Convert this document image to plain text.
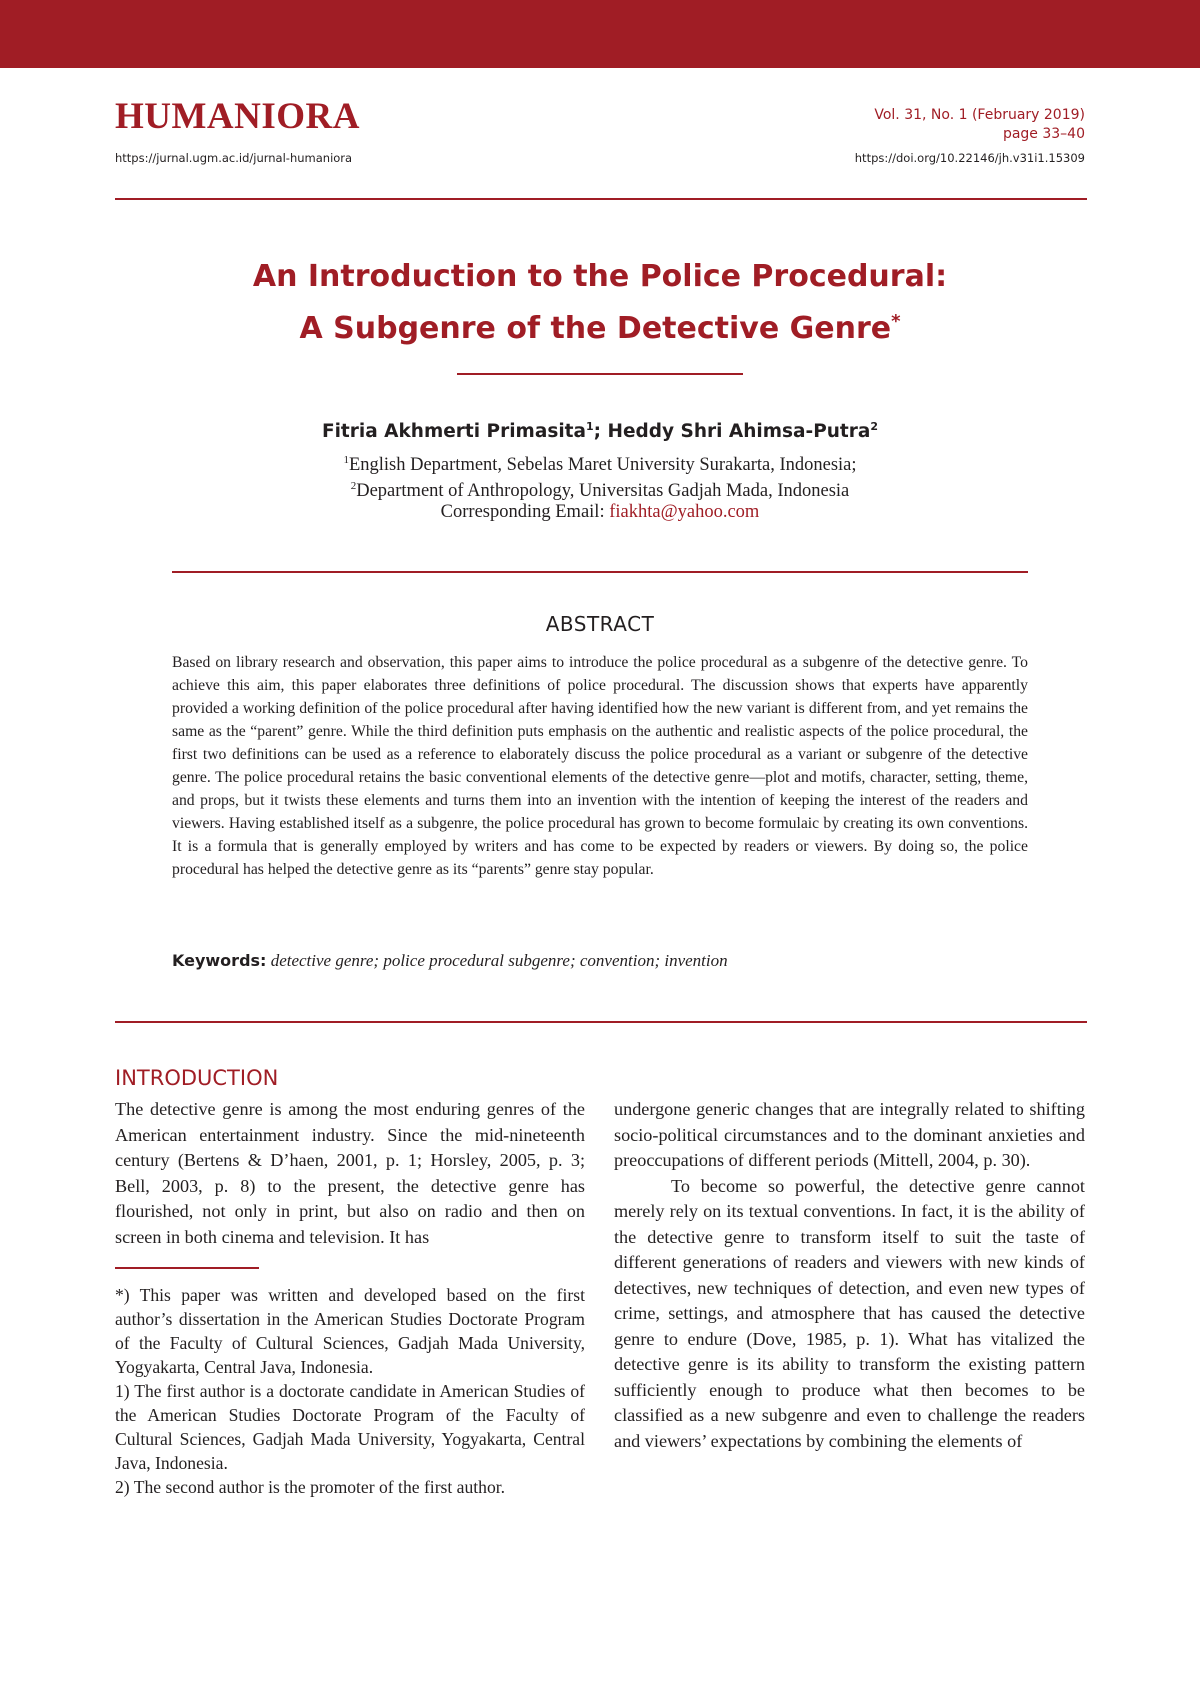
HUMANIORA
https://jurnal.ugm.ac.id/jurnal-humaniora
Vol. 31, No. 1 (February 2019)
page 33–40
https://doi.org/10.22146/jh.v31i1.15309
An Introduction to the Police Procedural:
A Subgenre of the Detective Genre*
Fitria Akhmerti Primasita$^1$; Heddy Shri Ahimsa-Putra$^2$
$^1$English Department, Sebelas Maret University Surakarta, Indonesia;
$^2$Department of Anthropology, Universitas Gadjah Mada, Indonesia
Corresponding Email: fiakhta@yahoo.com
ABSTRACT
Based on library research and observation, this paper aims to introduce the police procedural as a subgenre of the detective genre. To achieve this aim, this paper elaborates three definitions of police procedural. The discussion shows that experts have apparently provided a working definition of the police procedural after having identified how the new variant is different from, and yet remains the same as the “parent” genre. While the third definition puts emphasis on the authentic and realistic aspects of the police procedural, the first two definitions can be used as a reference to elaborately discuss the police procedural as a variant or subgenre of the detective genre. The police procedural retains the basic conventional elements of the detective genre—plot and motifs, character, setting, theme, and props, but it twists these elements and turns them into an invention with the intention of keeping the interest of the readers and viewers. Having established itself as a subgenre, the police procedural has grown to become formulaic by creating its own conventions. It is a formula that is generally employed by writers and has come to be expected by readers or viewers. By doing so, the police procedural has helped the detective genre as its “parents” genre stay popular.
Keywords: detective genre; police procedural subgenre; convention; invention
INTRODUCTION

The detective genre is among the most enduring genres of the American entertainment industry. Since the mid-nineteenth century (Bertens & D’haen, 2001, p. 1; Horsley, 2005, p. 3; Bell, 2003, p. 8) to the present, the detective genre has flourished, not only in print, but also on radio and then on screen in both cinema and television. It has

*) This paper was written and developed based on the first author’s dissertation in the American Studies Doctorate Program of the Faculty of Cultural Sciences, Gadjah Mada University, Yogyakarta, Central Java, Indonesia.

1) The first author is a doctorate candidate in American Studies of the American Studies Doctorate Program of the Faculty of Cultural Sciences, Gadjah Mada University, Yogyakarta, Central Java, Indonesia.

2) The second author is the promoter of the first author.

undergone generic changes that are integrally related to shifting socio-political circumstances and to the dominant anxieties and preoccupations of different periods (Mittell, 2004, p. 30).

To become so powerful, the detective genre cannot merely rely on its textual conventions. In fact, it is the ability of the detective genre to transform itself to suit the taste of different generations of readers and viewers with new kinds of detectives, new techniques of detection, and even new types of crime, settings, and atmosphere that has caused the detective genre to endure (Dove, 1985, p. 1). What has vitalized the detective genre is its ability to transform the existing pattern sufficiently enough to produce what then becomes to be classified as a new subgenre and even to challenge the readers and viewers’ expectations by combining the elements of
